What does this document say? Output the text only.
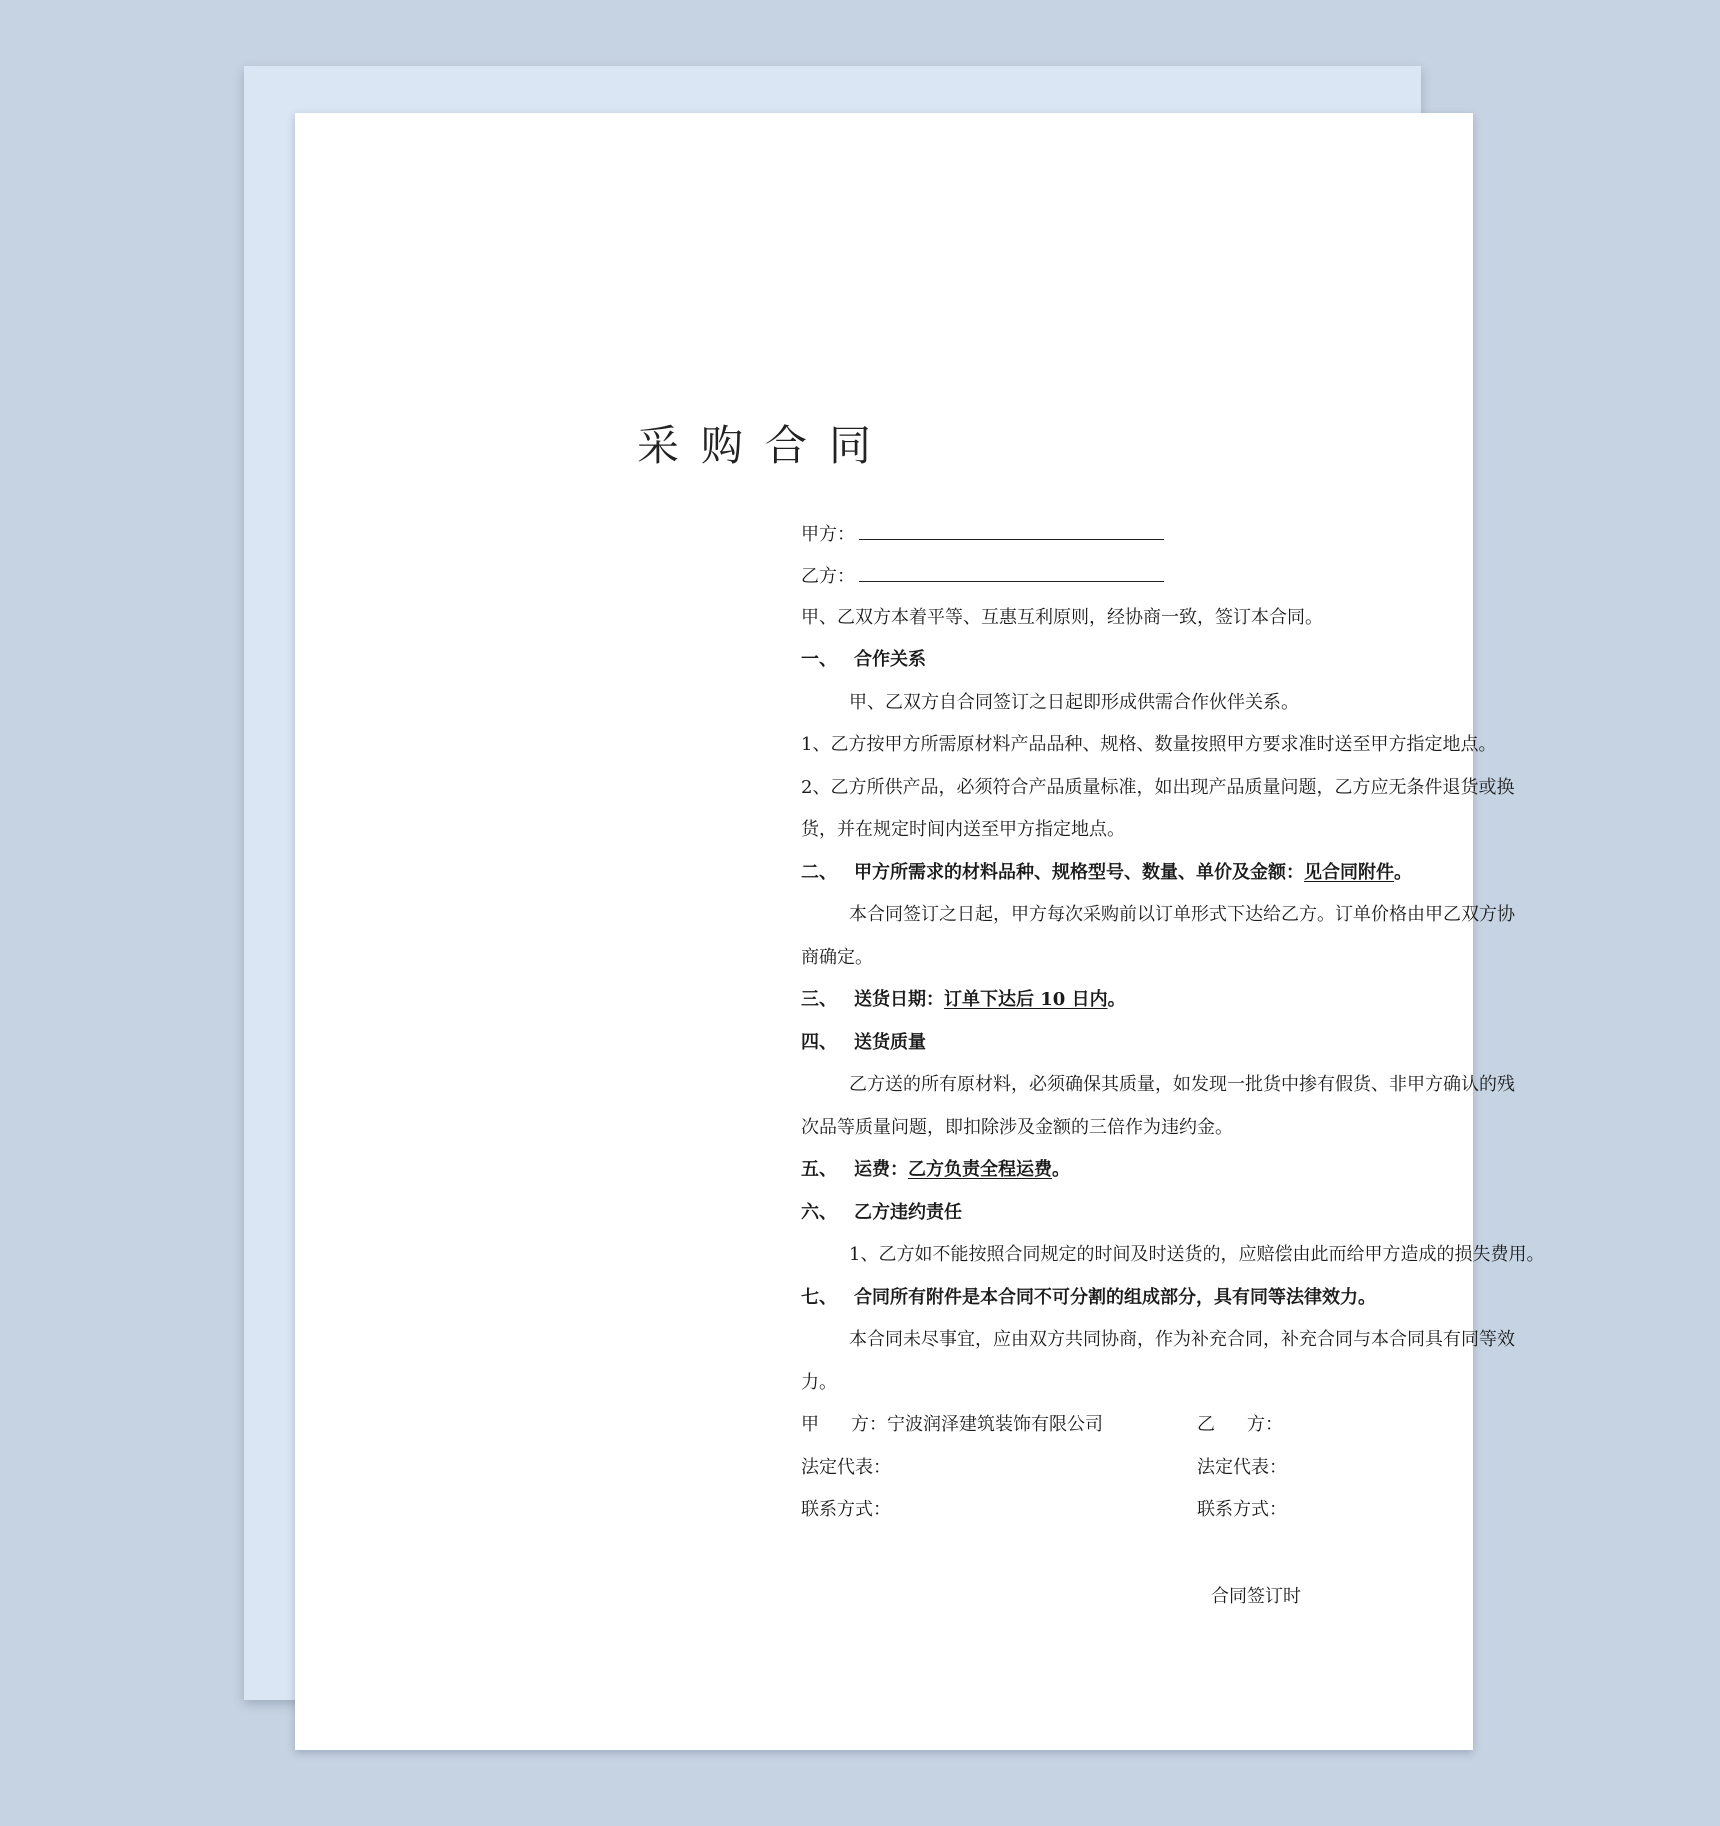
采购合同
甲方：
乙方：
甲、乙双方本着平等、互惠互利原则，经协商一致，签订本合同。
一、 合作关系
甲、乙双方自合同签订之日起即形成供需合作伙伴关系。
1、乙方按甲方所需原材料产品品种、规格、数量按照甲方要求准时送至甲方指定地点。
2、乙方所供产品，必须符合产品质量标准，如出现产品质量问题，乙方应无条件退货或换
货，并在规定时间内送至甲方指定地点。
二、 甲方所需求的材料品种、规格型号、数量、单价及金额：见合同附件。
本合同签订之日起，甲方每次采购前以订单形式下达给乙方。订单价格由甲乙双方协
商确定。
三、 送货日期：订单下达后 10 日内。
四、 送货质量
乙方送的所有原材料，必须确保其质量，如发现一批货中掺有假货、非甲方确认的残
次品等质量问题，即扣除涉及金额的三倍作为违约金。
五、 运费：乙方负责全程运费。
六、 乙方违约责任
1、乙方如不能按照合同规定的时间及时送货的，应赔偿由此而给甲方造成的损失费用。
七、 合同所有附件是本合同不可分割的组成部分，具有同等法律效力。
本合同未尽事宜，应由双方共同协商，作为补充合同，补充合同与本合同具有同等效
力。
甲 方：宁波润泽建筑装饰有限公司	乙 方：
法定代表：	法定代表：
联系方式：	联系方式：
合同签订时
